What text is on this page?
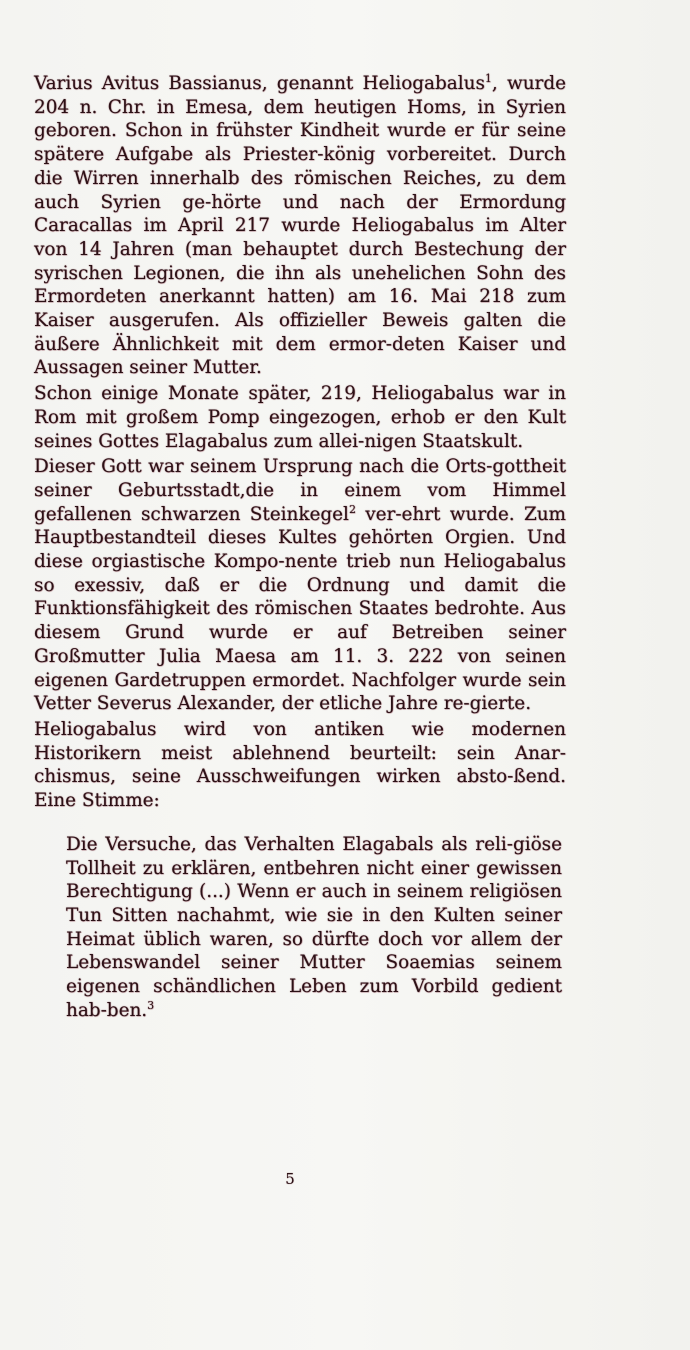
Varius Avitus Bassianus, genannt Heliogabalus$^1$, wurde 204 n. Chr. in Emesa, dem heutigen Homs, in Syrien geboren. Schon in frühster Kindheit wurde er für seine spätere Aufgabe als Priester-könig vorbereitet. Durch die Wirren innerhalb des römischen Reiches, zu dem auch Syrien ge-hörte und nach der Ermordung Caracallas im April 217 wurde Heliogabalus im Alter von 14 Jahren (man behauptet durch Bestechung der syrischen Legionen, die ihn als unehelichen Sohn des Ermordeten anerkannt hatten) am 16. Mai 218 zum Kaiser ausgerufen. Als offizieller Beweis galten die äußere Ähnlichkeit mit dem ermor-deten Kaiser und Aussagen seiner Mutter.

Schon einige Monate später, 219, Heliogabalus war in Rom mit großem Pomp eingezogen, erhob er den Kult seines Gottes Elagabalus zum allei-nigen Staatskult.

Dieser Gott war seinem Ursprung nach die Orts-gottheit seiner Geburtsstadt,die in einem vom Himmel gefallenen schwarzen Steinkegel$^2$ ver-ehrt wurde. Zum Hauptbestandteil dieses Kultes gehörten Orgien. Und diese orgiastische Kompo-nente trieb nun Heliogabalus so exessiv, daß er die Ordnung und damit die Funktionsfähigkeit des römischen Staates bedrohte. Aus diesem Grund wurde er auf Betreiben seiner Großmutter Julia Maesa am 11. 3. 222 von seinen eigenen Gardetruppen ermordet. Nachfolger wurde sein Vetter Severus Alexander, der etliche Jahre re-gierte.

Heliogabalus wird von antiken wie modernen Historikern meist ablehnend beurteilt: sein Anar-chismus, seine Ausschweifungen wirken absto-ßend. Eine Stimme:

Die Versuche, das Verhalten Elagabals als reli-giöse Tollheit zu erklären, entbehren nicht einer gewissen Berechtigung (...) Wenn er auch in seinem religiösen Tun Sitten nachahmt, wie sie in den Kulten seiner Heimat üblich waren, so dürfte doch vor allem der Lebenswandel seiner Mutter Soaemias seinem eigenen schändlichen Leben zum Vorbild gedient hab-ben.$^3$

5
